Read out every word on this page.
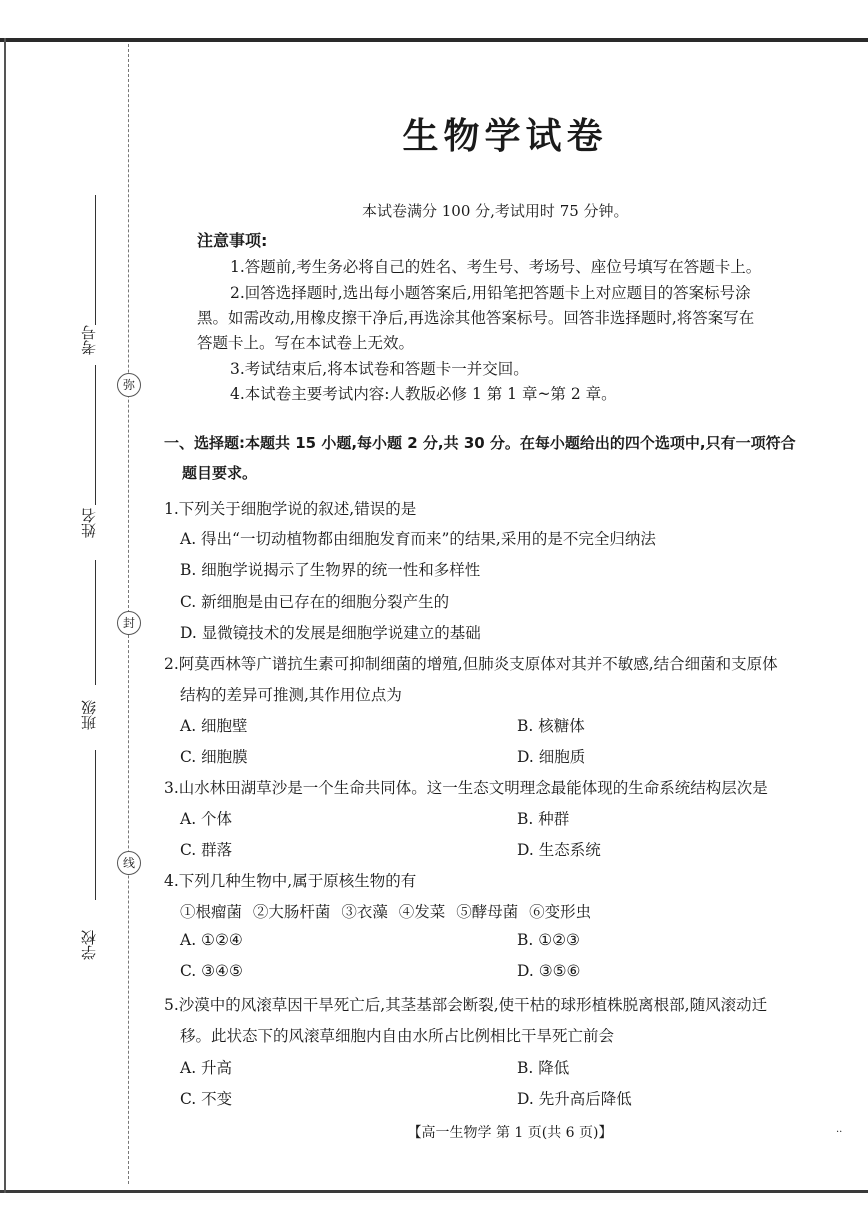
弥
封
线
考号
姓名
班级
学校
生物学试卷
本试卷满分 100 分,考试用时 75 分钟。
注意事项:
1.答题前,考生务必将自己的姓名、考生号、考场号、座位号填写在答题卡上。
2.回答选择题时,选出每小题答案后,用铅笔把答题卡上对应题目的答案标号涂
黑。如需改动,用橡皮擦干净后,再选涂其他答案标号。回答非选择题时,将答案写在
答题卡上。写在本试卷上无效。
3.考试结束后,将本试卷和答题卡一并交回。
4.本试卷主要考试内容:人教版必修 1 第 1 章~第 2 章。
一、选择题:本题共 15 小题,每小题 2 分,共 30 分。在每小题给出的四个选项中,只有一项符合
题目要求。
1.下列关于细胞学说的叙述,错误的是
A. 得出“一切动植物都由细胞发育而来”的结果,采用的是不完全归纳法
B. 细胞学说揭示了生物界的统一性和多样性
C. 新细胞是由已存在的细胞分裂产生的
D. 显微镜技术的发展是细胞学说建立的基础
2.阿莫西林等广谱抗生素可抑制细菌的增殖,但肺炎支原体对其并不敏感,结合细菌和支原体
结构的差异可推测,其作用位点为
A. 细胞壁	B. 核糖体
C. 细胞膜	D. 细胞质
3.山水林田湖草沙是一个生命共同体。这一生态文明理念最能体现的生命系统结构层次是
A. 个体	B. 种群
C. 群落	D. 生态系统
4.下列几种生物中,属于原核生物的有
①根瘤菌 ②大肠杆菌 ③衣藻 ④发菜 ⑤酵母菌 ⑥变形虫
A. ①②④	B. ①②③
C. ③④⑤	D. ③⑤⑥
5.沙漠中的风滚草因干旱死亡后,其茎基部会断裂,使干枯的球形植株脱离根部,随风滚动迁
移。此状态下的风滚草细胞内自由水所占比例相比干旱死亡前会
A. 升高	B. 降低
C. 不变	D. 先升高后降低
【高一生物学 第 1 页(共 6 页)】	..
